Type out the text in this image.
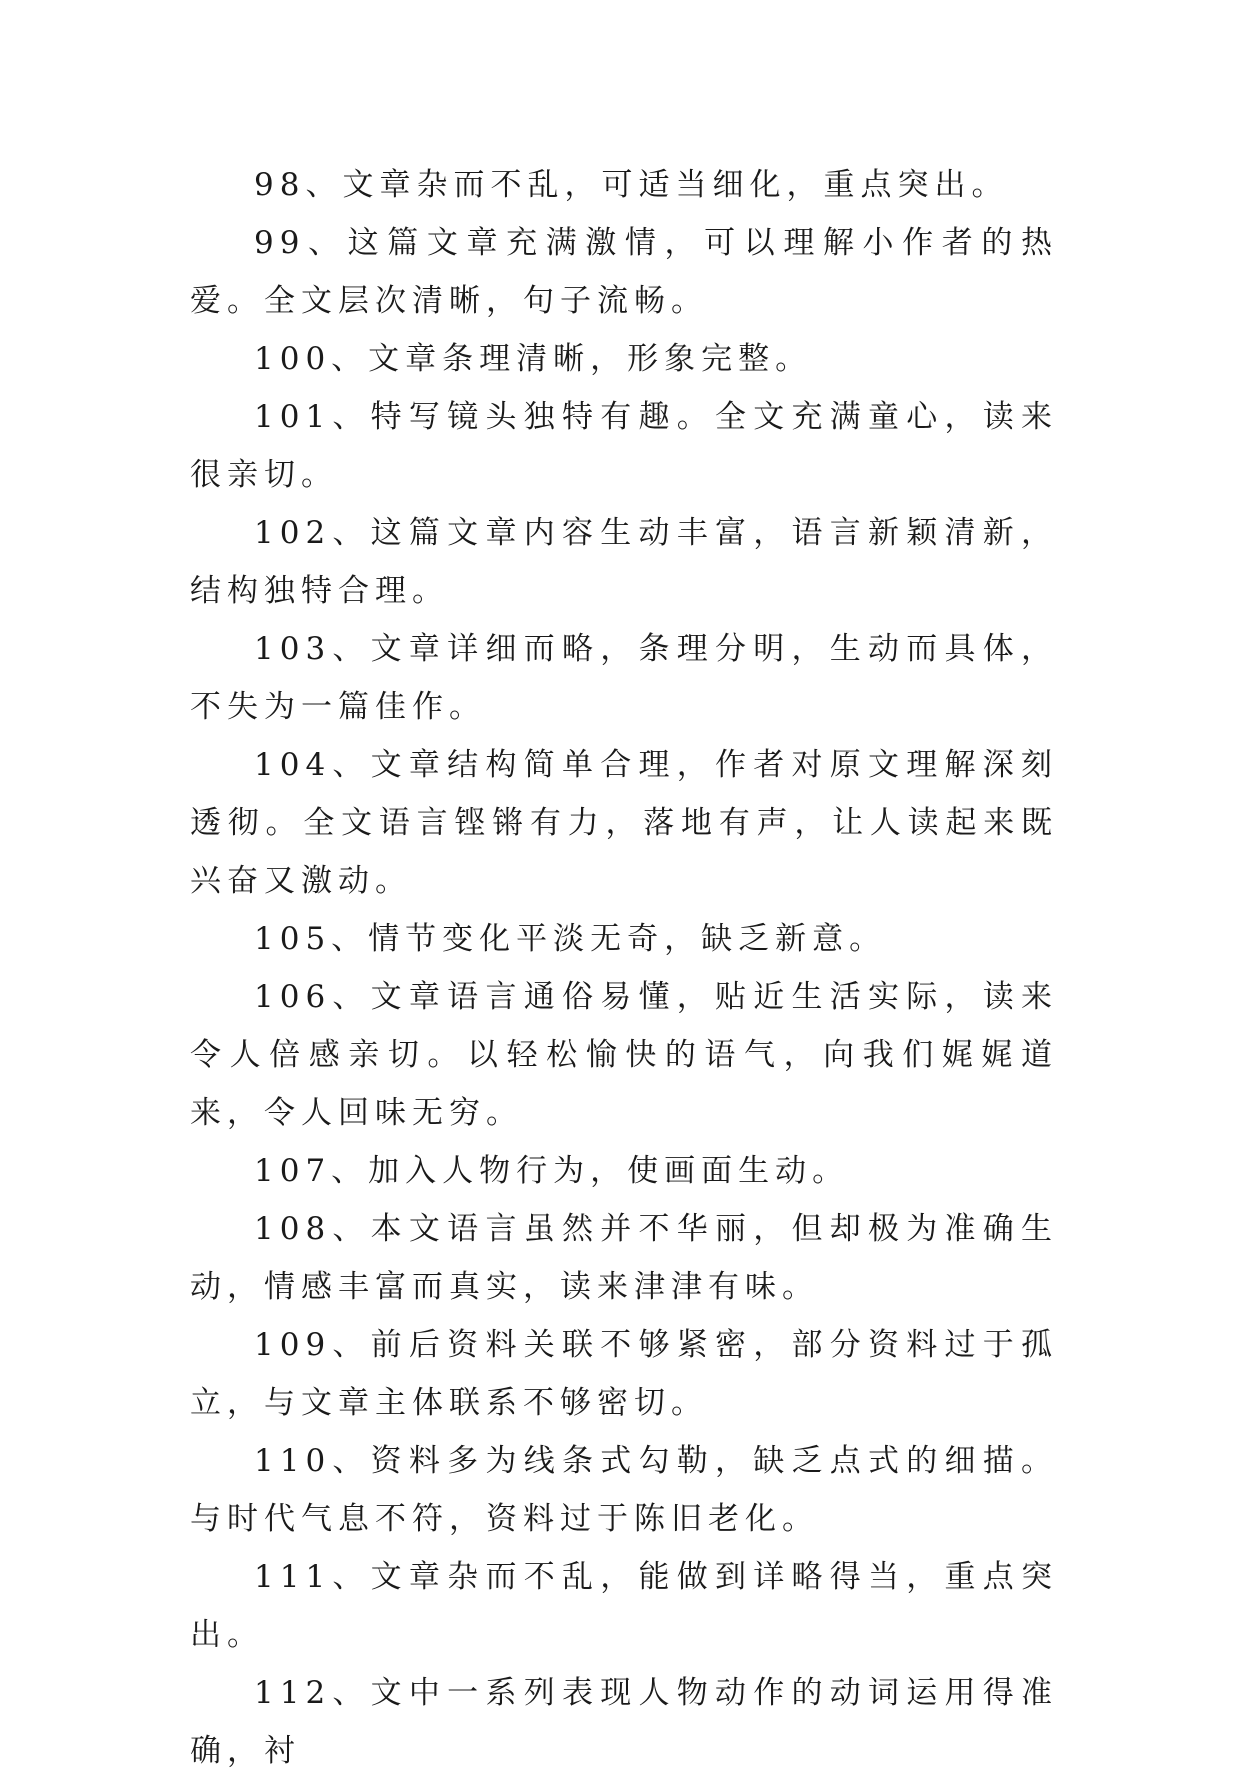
98、文章杂而不乱，可适当细化，重点突出。

99、这篇文章充满激情，可以理解小作者的热爱。全文层次清晰，句子流畅。

100、文章条理清晰，形象完整。

101、特写镜头独特有趣。全文充满童心，读来很亲切。

102、这篇文章内容生动丰富，语言新颖清新，结构独特合理。

103、文章详细而略，条理分明，生动而具体，不失为一篇佳作。

104、文章结构简单合理，作者对原文理解深刻透彻。全文语言铿锵有力，落地有声，让人读起来既兴奋又激动。

105、情节变化平淡无奇，缺乏新意。

106、文章语言通俗易懂，贴近生活实际，读来令人倍感亲切。以轻松愉快的语气，向我们娓娓道来，令人回味无穷。

107、加入人物行为，使画面生动。

108、本文语言虽然并不华丽，但却极为准确生动，情感丰富而真实，读来津津有味。

109、前后资料关联不够紧密，部分资料过于孤立，与文章主体联系不够密切。

110、资料多为线条式勾勒，缺乏点式的细描。与时代气息不符，资料过于陈旧老化。

111、文章杂而不乱，能做到详略得当，重点突出。

112、文中一系列表现人物动作的动词运用得准确，衬
